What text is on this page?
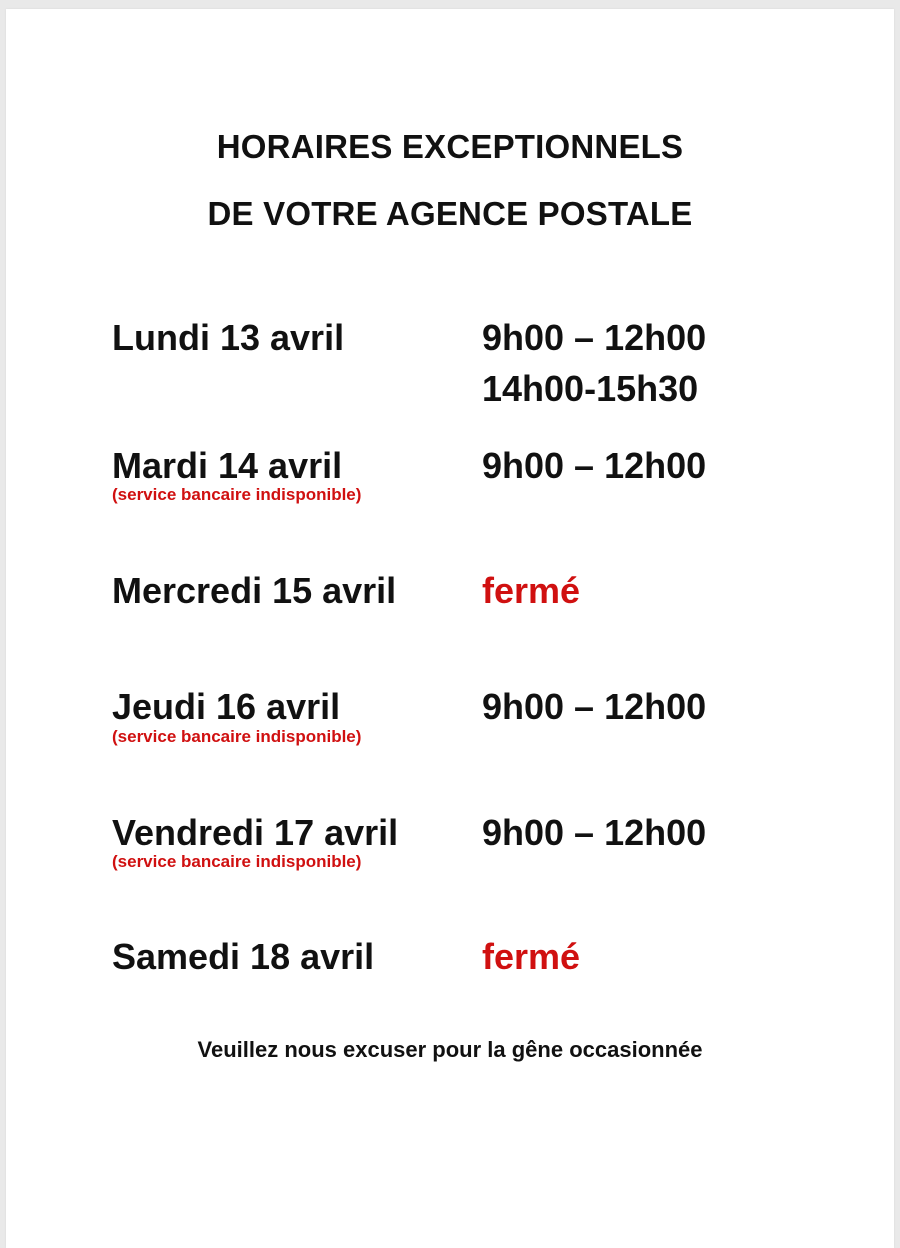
HORAIRES EXCEPTIONNELS
DE VOTRE AGENCE POSTALE
Lundi 13 avril	9h00 – 12h00
14h00-15h30
Mardi 14 avril
(service bancaire indisponible)
9h00 – 12h00
Mercredi 15 avril fermé
Jeudi 16 avril
(service bancaire indisponible)
9h00 – 12h00
Vendredi 17 avril
(service bancaire indisponible)
9h00 – 12h00
Samedi 18 avril	fermé
Veuillez nous excuser pour la gêne occasionnée
